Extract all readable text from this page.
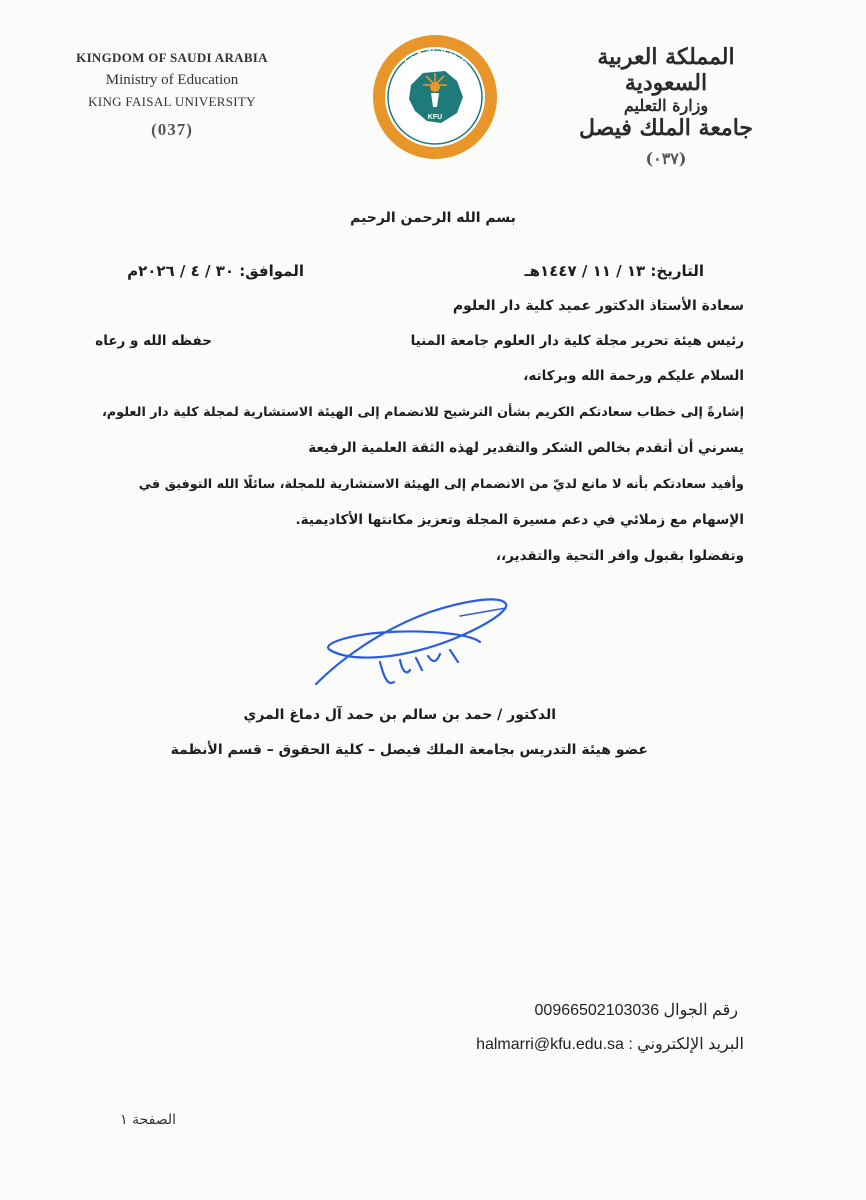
KINGDOM OF SAUDI ARABIA
Ministry of Education
KING FAISAL UNIVERSITY
(037)
جامعة الملك فيصل
KING FAISAL UNIVERSITY
KFU
المملكة العربية السعودية
وزارة التعليم
جامعة الملك فيصل
(٠٣٧)
بسم الله الرحمن الرحيم
التاريخ: ١٣ / ١١ / ١٤٤٧هـ
الموافق: ٣٠ / ٤ / ٢٠٢٦م
سعادة الأستاذ الدكتور عميد كلية دار العلوم
رئيس هيئة تحرير مجلة كلية دار العلوم جامعة المنيا
حفظه الله و رعاه
السلام عليكم ورحمة الله وبركاته،
إشارةً إلى خطاب سعادتكم الكريم بشأن الترشيح للانضمام إلى الهيئة الاستشارية لمجلة كلية دار العلوم،
يسرني أن أتقدم بخالص الشكر والتقدير لهذه الثقة العلمية الرفيعة
وأفيد سعادتكم بأنه لا مانع لديّ من الانضمام إلى الهيئة الاستشارية للمجلة، سائلًا الله التوفيق في
الإسهام مع زملائي في دعم مسيرة المجلة وتعزيز مكانتها الأكاديمية.
وتفضلوا بقبول وافر التحية والتقدير،،
الدكتور / حمد بن سالم بن حمد آل دماغ المري
عضو هيئة التدريس بجامعة الملك فيصل – كلية الحقوق – قسم الأنظمة
رقم الجوال 00966502103036
البريد الإلكتروني : halmarri@kfu.edu.sa
الصفحة ١
